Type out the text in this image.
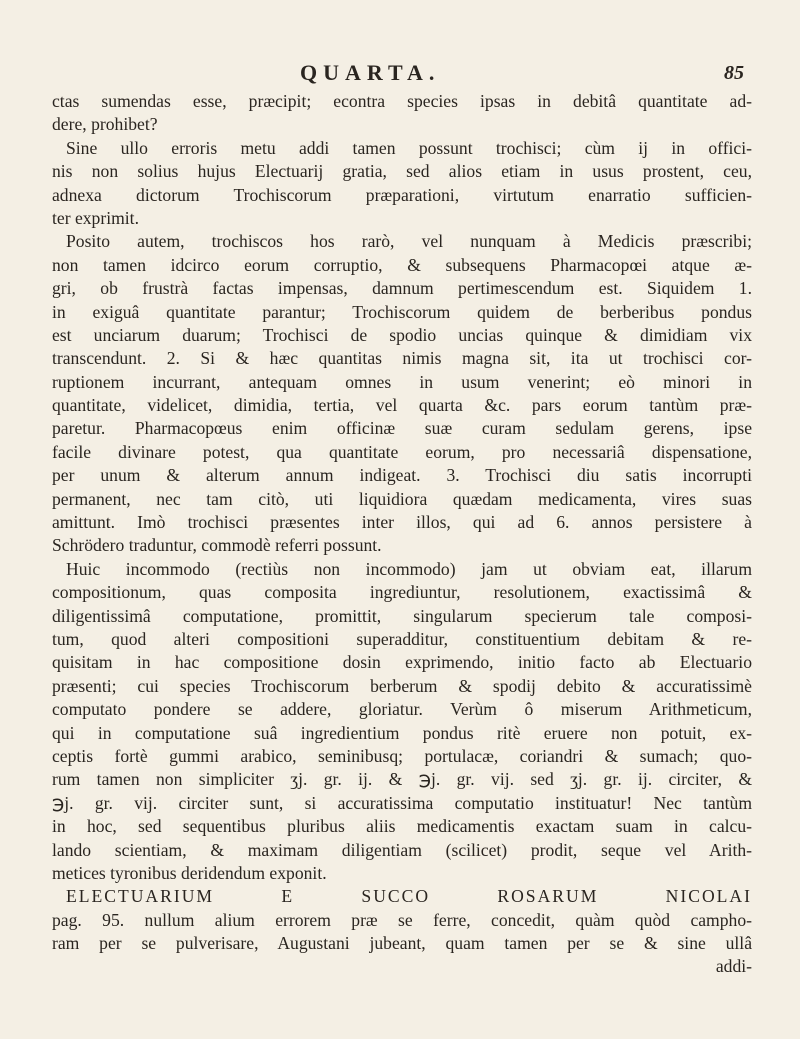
QUARTA.	85
ctas sumendas esse, præcipit; econtra species ipsas in debitâ quantitate ad-
dere, prohibet?
Sine ullo erroris metu addi tamen possunt trochisci; cùm ij in offici-
nis non solius hujus Electuarij gratia, sed alios etiam in usus prostent, ceu,
adnexa dictorum Trochiscorum præparationi, virtutum enarratio sufficien-
ter exprimit.
Posito autem, trochiscos hos rarò, vel nunquam à Medicis præscribi;
non tamen idcirco eorum corruptio, & subsequens Pharmacopœi atque æ-
gri, ob frustrà factas impensas, damnum pertimescendum est. Siquidem 1.
in exiguâ quantitate parantur; Trochiscorum quidem de berberibus pondus
est unciarum duarum; Trochisci de spodio uncias quinque & dimidiam vix
transcendunt. 2. Si & hæc quantitas nimis magna sit, ita ut trochisci cor-
ruptionem incurrant, antequam omnes in usum venerint; eò minori in
quantitate, videlicet, dimidia, tertia, vel quarta &c. pars eorum tantùm præ-
paretur. Pharmacopœus enim officinæ suæ curam sedulam gerens, ipse
facile divinare potest, qua quantitate eorum, pro necessariâ dispensatione,
per unum & alterum annum indigeat. 3. Trochisci diu satis incorrupti
permanent, nec tam citò, uti liquidiora quædam medicamenta, vires suas
amittunt. Imò trochisci præsentes inter illos, qui ad 6. annos persistere à
Schrödero traduntur, commodè referri possunt.
Huic incommodo (rectiùs non incommodo) jam ut obviam eat, illarum
compositionum, quas composita ingrediuntur, resolutionem, exactissimâ &
diligentissimâ computatione, promittit, singularum specierum tale composi-
tum, quod alteri compositioni superadditur, constituentium debitam & re-
quisitam in hac compositione dosin exprimendo, initio facto ab Electuario
præsenti; cui species Trochiscorum berberum & spodij debito & accuratissimè
computato pondere se addere, gloriatur. Verùm ô miserum Arithmeticum,
qui in computatione suâ ingredientium pondus ritè eruere non potuit, ex-
ceptis fortè gummi arabico, seminibusq; portulacæ, coriandri & sumach; quo-
rum tamen non simpliciter ʒj. gr. ij. & ℈j. gr. vij. sed ʒj. gr. ij. circiter, &
℈j. gr. vij. circiter sunt, si accuratissima computatio instituatur! Nec tantùm
in hoc, sed sequentibus pluribus aliis medicamentis exactam suam in calcu-
lando scientiam, & maximam diligentiam (scilicet) prodit, seque vel Arith-
metices tyronibus deridendum exponit.
ELECTUARIUM E SUCCO ROSARUM NICOLAI
pag. 95. nullum alium errorem præ se ferre, concedit, quàm quòd campho-
ram per se pulverisare, Augustani jubeant, quam tamen per se & sine ullâ
addi-
